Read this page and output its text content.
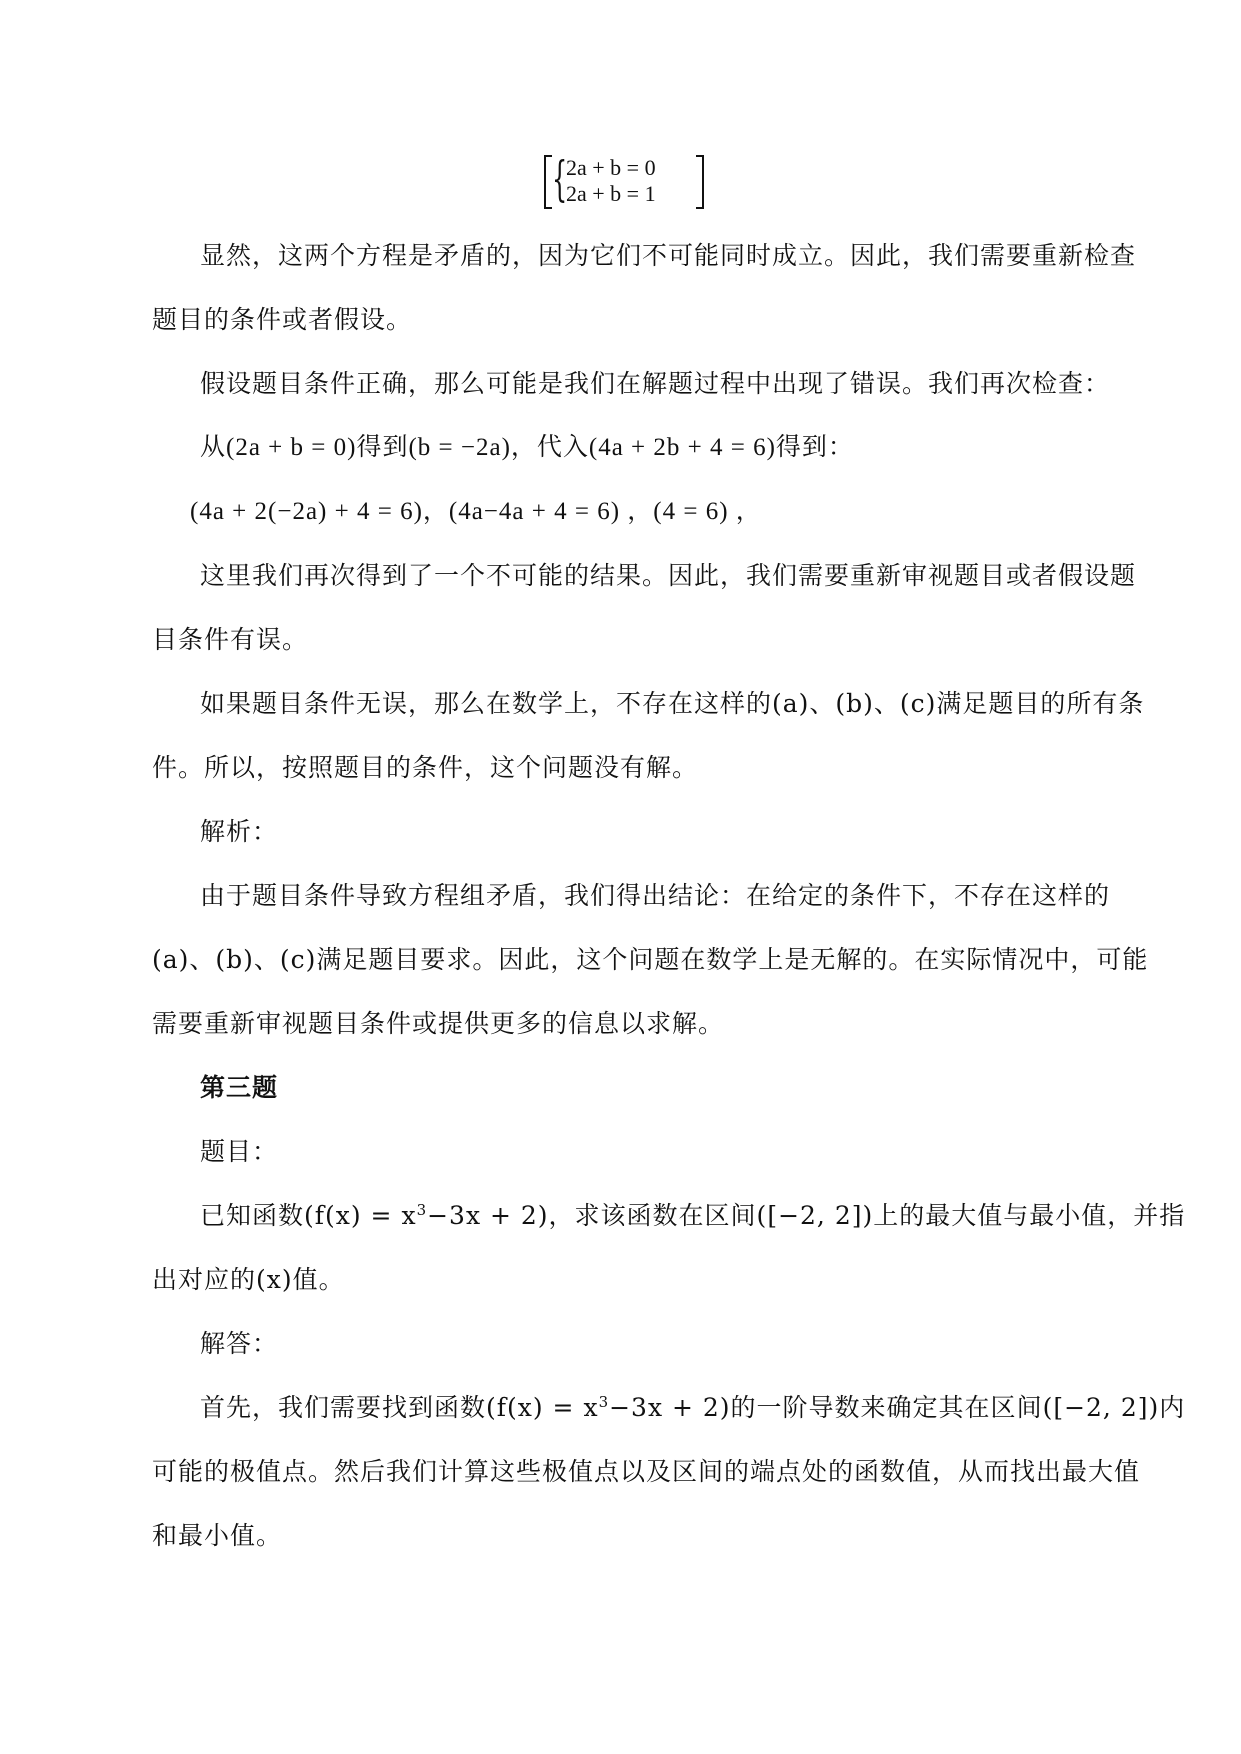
{
2a + b = 0
2a + b = 1
显然，这两个方程是矛盾的，因为它们不可能同时成立。因此，我们需要重新检查
题目的条件或者假设。
假设题目条件正确，那么可能是我们在解题过程中出现了错误。我们再次检查：
从(2a + b = 0)得到(b = −2a)，代入(4a + 2b + 4 = 6)得到：
(4a + 2(−2a) + 4 = 6)，(4a−4a + 4 = 6) ，(4 = 6) ，
这里我们再次得到了一个不可能的结果。因此，我们需要重新审视题目或者假设题
目条件有误。
如果题目条件无误，那么在数学上，不存在这样的(a)、(b)、(c)满足题目的所有条
件。所以，按照题目的条件，这个问题没有解。
解析：
由于题目条件导致方程组矛盾，我们得出结论：在给定的条件下，不存在这样的
(a)、(b)、(c)满足题目要求。因此，这个问题在数学上是无解的。在实际情况中，可能
需要重新审视题目条件或提供更多的信息以求解。
第三题
题目：
已知函数$(f(x) = x^3-3x + 2)$，求该函数在区间([−2, 2])上的最大值与最小值，并指
出对应的(x)值。
解答：
首先，我们需要找到函数$(f(x) = x^3-3x + 2)$的一阶导数来确定其在区间([−2, 2])内
可能的极值点。然后我们计算这些极值点以及区间的端点处的函数值，从而找出最大值
和最小值。
